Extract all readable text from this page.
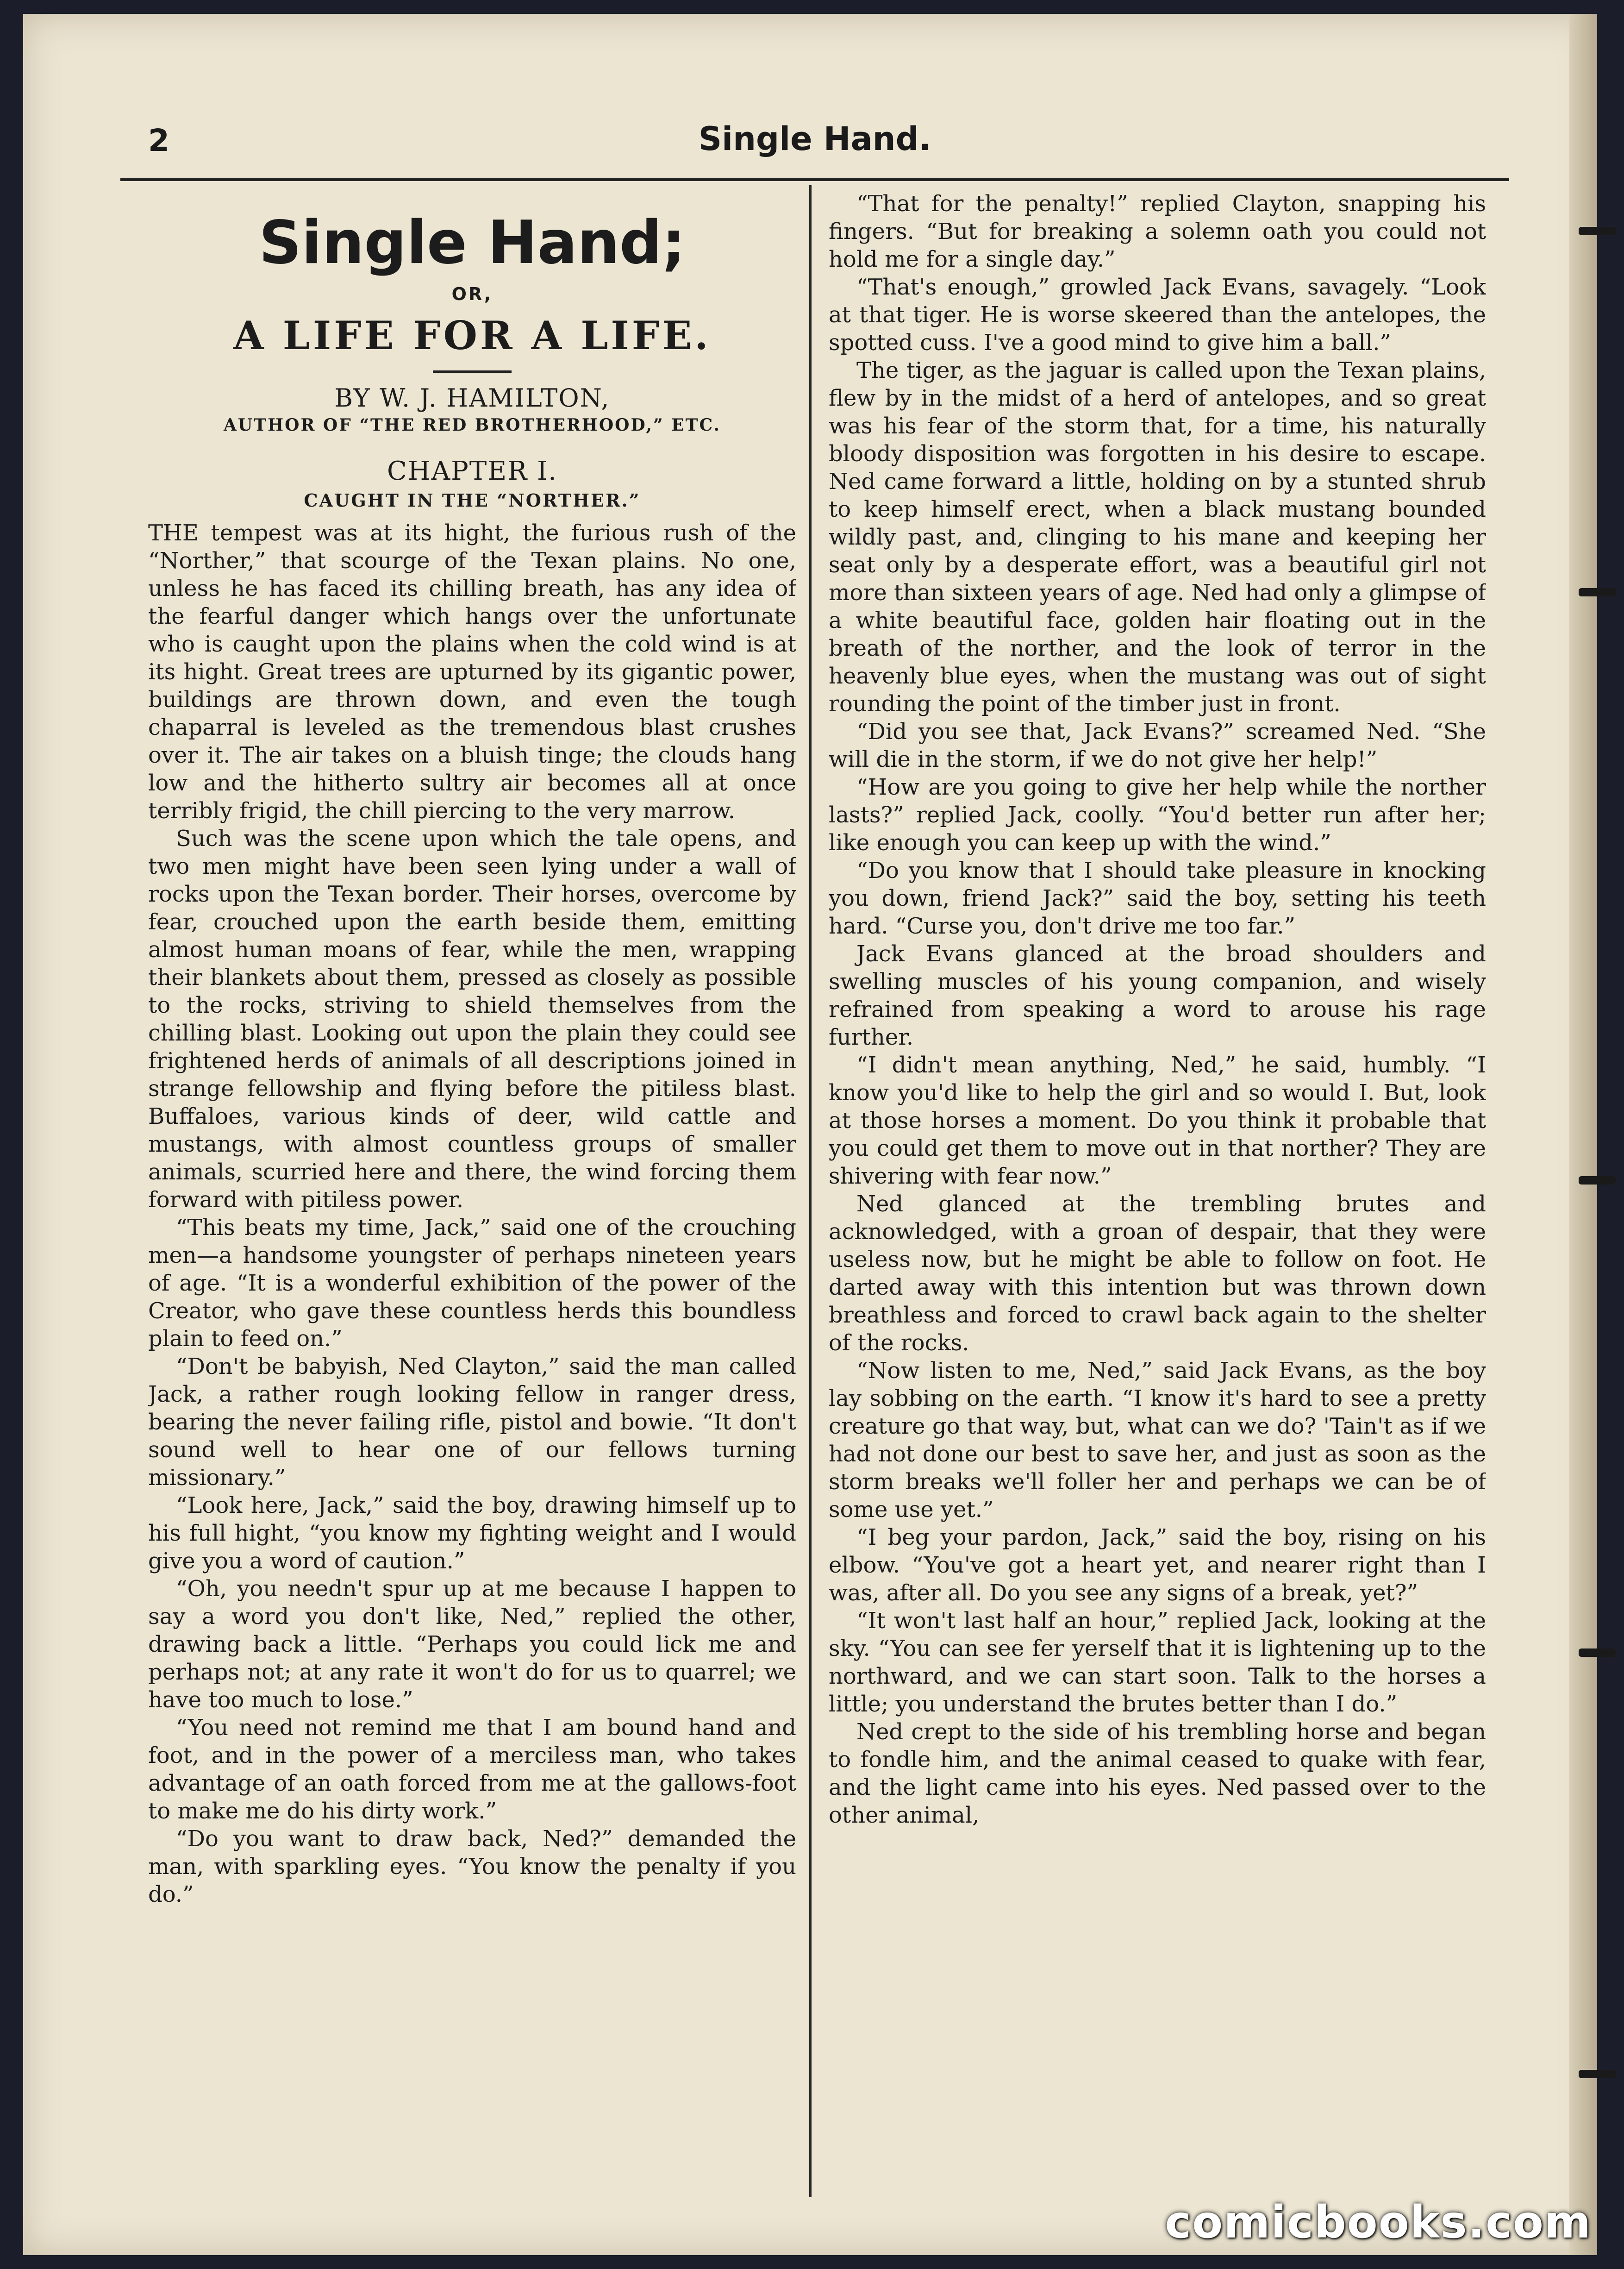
2	Single Hand.
Single Hand;
OR,
A LIFE FOR A LIFE.
BY W. J. HAMILTON,
AUTHOR OF “THE RED BROTHERHOOD,” ETC.
CHAPTER I.
CAUGHT IN THE “NORTHER.”

THE tempest was at its hight, the furious rush of the “Norther,” that scourge of the Texan plains. No one, unless he has faced its chilling breath, has any idea of the fearful danger which hangs over the unfortunate who is caught upon the plains when the cold wind is at its hight. Great trees are upturned by its gigantic power, buildings are thrown down, and even the tough chaparral is leveled as the tremendous blast crushes over it. The air takes on a bluish tinge; the clouds hang low and the hitherto sultry air becomes all at once terribly frigid, the chill piercing to the very marrow.

Such was the scene upon which the tale opens, and two men might have been seen lying under a wall of rocks upon the Texan border. Their horses, overcome by fear, crouched upon the earth beside them, emitting almost human moans of fear, while the men, wrapping their blankets about them, pressed as closely as possible to the rocks, striving to shield themselves from the chilling blast. Looking out upon the plain they could see frightened herds of animals of all descriptions joined in strange fellowship and flying before the pitiless blast. Buffaloes, various kinds of deer, wild cattle and mustangs, with almost countless groups of smaller animals, scurried here and there, the wind forcing them forward with pitiless power.

“This beats my time, Jack,” said one of the crouching men—a handsome youngster of perhaps nineteen years of age. “It is a wonderful exhibition of the power of the Creator, who gave these countless herds this boundless plain to feed on.”

“Don't be babyish, Ned Clayton,” said the man called Jack, a rather rough looking fellow in ranger dress, bearing the never failing rifle, pistol and bowie. “It don't sound well to hear one of our fellows turning missionary.”

“Look here, Jack,” said the boy, drawing himself up to his full hight, “you know my fighting weight and I would give you a word of caution.”

“Oh, you needn't spur up at me because I happen to say a word you don't like, Ned,” replied the other, drawing back a little. “Perhaps you could lick me and perhaps not; at any rate it won't do for us to quarrel; we have too much to lose.”

“You need not remind me that I am bound hand and foot, and in the power of a merciless man, who takes advantage of an oath forced from me at the gallows-foot to make me do his dirty work.”

“Do you want to draw back, Ned?” demanded the man, with sparkling eyes. “You know the penalty if you do.”

“That for the penalty!” replied Clayton, snapping his fingers. “But for breaking a solemn oath you could not hold me for a single day.”

“That's enough,” growled Jack Evans, savagely. “Look at that tiger. He is worse skeered than the antelopes, the spotted cuss. I've a good mind to give him a ball.”

The tiger, as the jaguar is called upon the Texan plains, flew by in the midst of a herd of antelopes, and so great was his fear of the storm that, for a time, his naturally bloody disposition was forgotten in his desire to escape. Ned came forward a little, holding on by a stunted shrub to keep himself erect, when a black mustang bounded wildly past, and, clinging to his mane and keeping her seat only by a desperate effort, was a beautiful girl not more than sixteen years of age. Ned had only a glimpse of a white beautiful face, golden hair floating out in the breath of the norther, and the look of terror in the heavenly blue eyes, when the mustang was out of sight rounding the point of the timber just in front.

“Did you see that, Jack Evans?” screamed Ned. “She will die in the storm, if we do not give her help!”

“How are you going to give her help while the norther lasts?” replied Jack, coolly. “You'd better run after her; like enough you can keep up with the wind.”

“Do you know that I should take pleasure in knocking you down, friend Jack?” said the boy, setting his teeth hard. “Curse you, don't drive me too far.”

Jack Evans glanced at the broad shoulders and swelling muscles of his young companion, and wisely refrained from speaking a word to arouse his rage further.

“I didn't mean anything, Ned,” he said, humbly. “I know you'd like to help the girl and so would I. But, look at those horses a moment. Do you think it probable that you could get them to move out in that norther? They are shivering with fear now.”

Ned glanced at the trembling brutes and acknowledged, with a groan of despair, that they were useless now, but he might be able to follow on foot. He darted away with this intention but was thrown down breathless and forced to crawl back again to the shelter of the rocks.

“Now listen to me, Ned,” said Jack Evans, as the boy lay sobbing on the earth. “I know it's hard to see a pretty creature go that way, but, what can we do? 'Tain't as if we had not done our best to save her, and just as soon as the storm breaks we'll foller her and perhaps we can be of some use yet.”

“I beg your pardon, Jack,” said the boy, rising on his elbow. “You've got a heart yet, and nearer right than I was, after all. Do you see any signs of a break, yet?”

“It won't last half an hour,” replied Jack, looking at the sky. “You can see fer yerself that it is lightening up to the northward, and we can start soon. Talk to the horses a little; you understand the brutes better than I do.”

Ned crept to the side of his trembling horse and began to fondle him, and the animal ceased to quake with fear, and the light came into his eyes. Ned passed over to the other animal,

comicbooks.com
